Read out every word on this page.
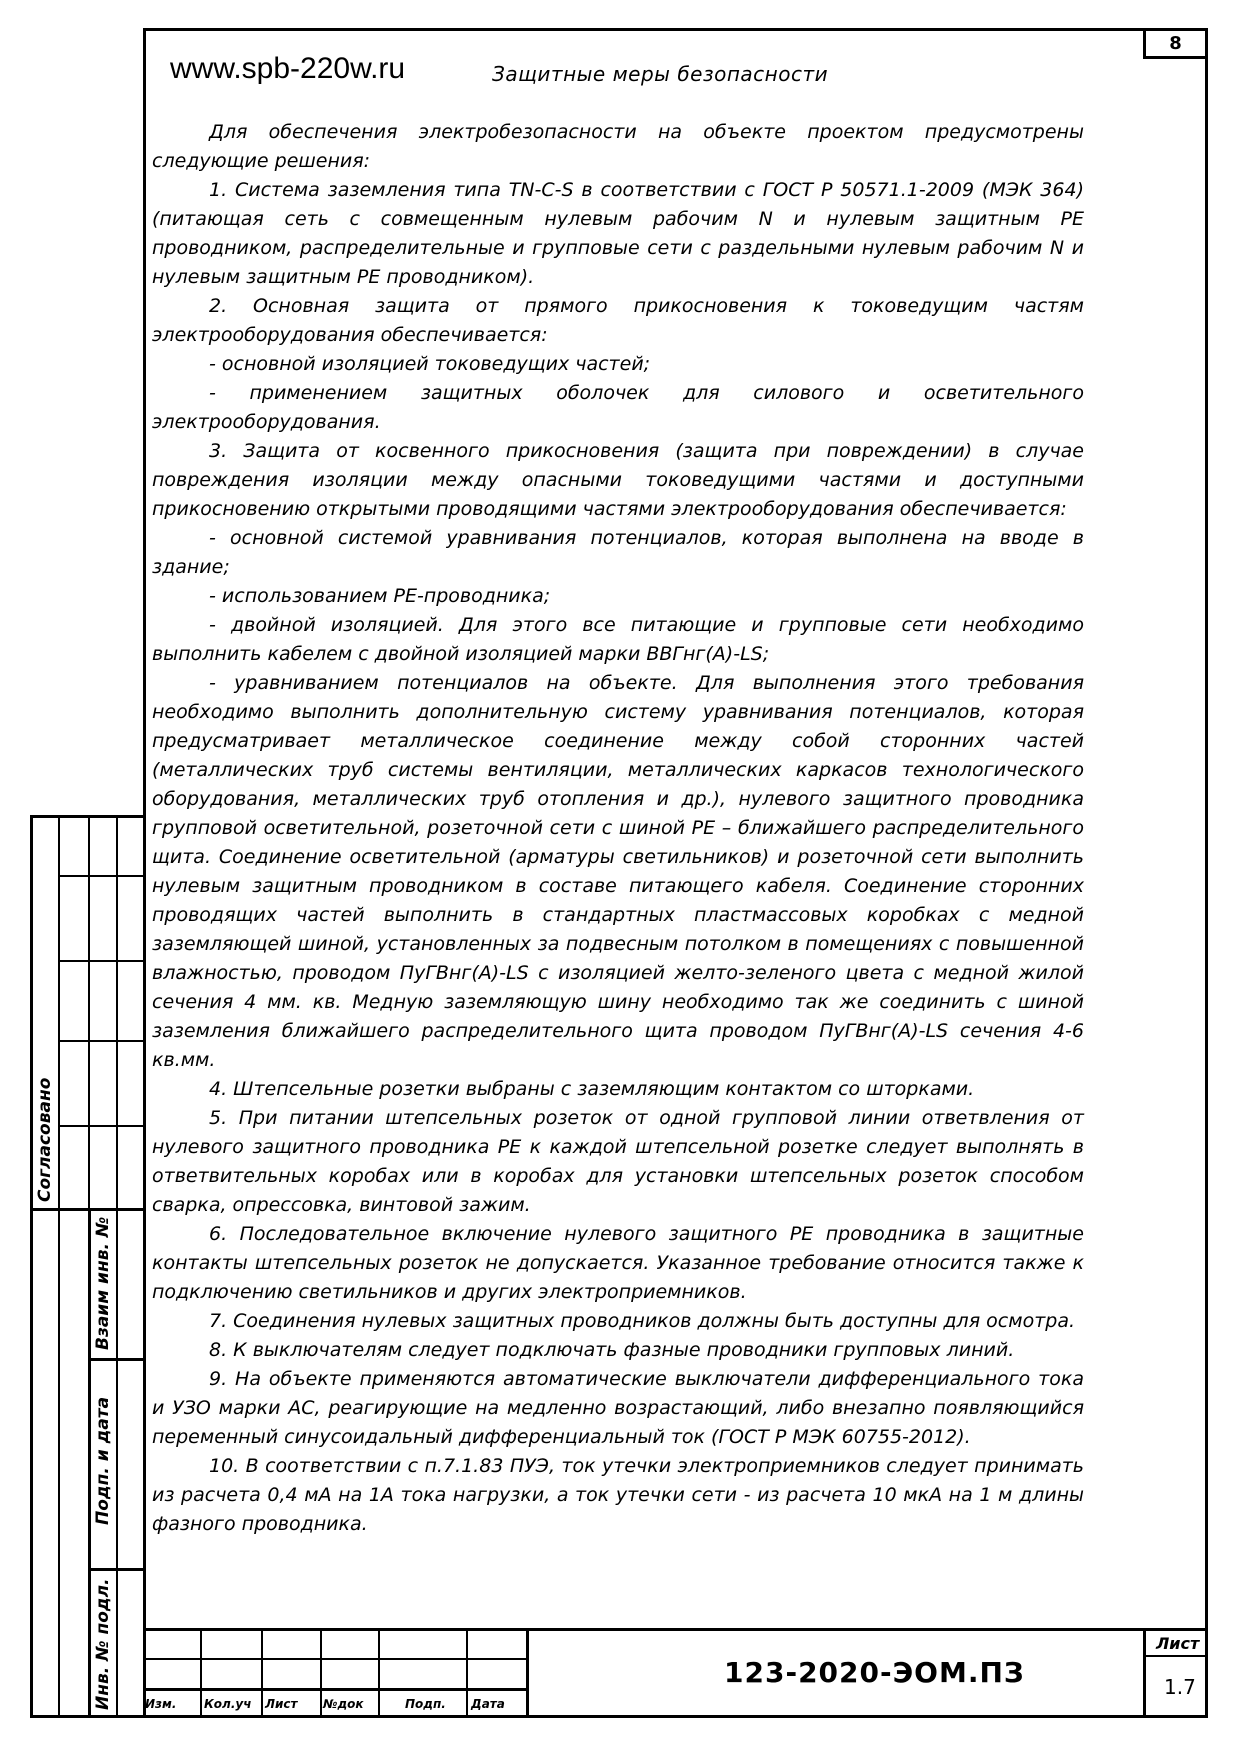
8
www.spb-220w.ru	Защитные меры безопасности

Для обеспечения электробезопасности на объекте проектом предусмотрены следующие решения:

1. Система заземления типа TN-C-S в соответствии с ГОСТ Р 50571.1-2009 (МЭК 364) (питающая сеть с совмещенным нулевым рабочим N и нулевым защитным PE проводником, распределительные и групповые сети с раздельными нулевым рабочим N и нулевым защитным PE проводником).

2. Основная защита от прямого прикосновения к токоведущим частям электрооборудования обеспечивается:

- основной изоляцией токоведущих частей;

- применением защитных оболочек для силового и осветительного электрооборудования.

3. Защита от косвенного прикосновения (защита при повреждении) в случае повреждения изоляции между опасными токоведущими частями и доступными прикосновению открытыми проводящими частями электрооборудования обеспечивается:

- основной системой уравнивания потенциалов, которая выполнена на вводе в здание;

- использованием PE-проводника;

- двойной изоляцией. Для этого все питающие и групповые сети необходимо выполнить кабелем с двойной изоляцией марки ВВГнг(А)-LS;

- уравниванием потенциалов на объекте. Для выполнения этого требования необходимо выполнить дополнительную систему уравнивания потенциалов, которая предусматривает металлическое соединение между собой сторонних частей (металлических труб системы вентиляции, металлических каркасов технологического оборудования, металлических труб отопления и др.), нулевого защитного проводника групповой осветительной, розеточной сети с шиной PE – ближайшего распределительного щита. Соединение осветительной (арматуры светильников) и розеточной сети выполнить нулевым защитным проводником в составе питающего кабеля. Соединение сторонних проводящих частей выполнить в стандартных пластмассовых коробках с медной заземляющей шиной, установленных за подвесным потолком в помещениях с повышенной влажностью, проводом ПуГВнг(А)-LS с изоляцией желто-зеленого цвета с медной жилой сечения 4 мм. кв. Медную заземляющую шину необходимо так же соединить с шиной заземления ближайшего распределительного щита проводом ПуГВнг(А)-LS сечения 4-6 кв.мм.

4. Штепсельные розетки выбраны с заземляющим контактом со шторками.

5. При питании штепсельных розеток от одной групповой линии ответвления от нулевого защитного проводника PE к каждой штепсельной розетке следует выполнять в ответвительных коробах или в коробах для установки штепсельных розеток способом сварка, опрессовка, винтовой зажим.

6. Последовательное включение нулевого защитного PE проводника в защитные контакты штепсельных розеток не допускается. Указанное требование относится также к подключению светильников и других электроприемников.

7. Соединения нулевых защитных проводников должны быть доступны для осмотра.

8. К выключателям следует подключать фазные проводники групповых линий.

9. На объекте применяются автоматические выключатели дифференциального тока и УЗО марки АС, реагирующие на медленно возрастающий, либо внезапно появляющийся переменный синусоидальный дифференциальный ток (ГОСТ Р МЭК 60755-2012).

10. В соответствии с п.7.1.83 ПУЭ, ток утечки электроприемников следует принимать из расчета 0,4 мА на 1А тока нагрузки, а ток утечки сети - из расчета 10 мкА на 1 м длины фазного проводника.

Согласовано
Взаим инв. №
Подп. и дата
Инв. № подл.	Изм. Кол.уч Лист №док	Подп. Дата
123-2020-ЭОМ.ПЗ
Лист
1.7
